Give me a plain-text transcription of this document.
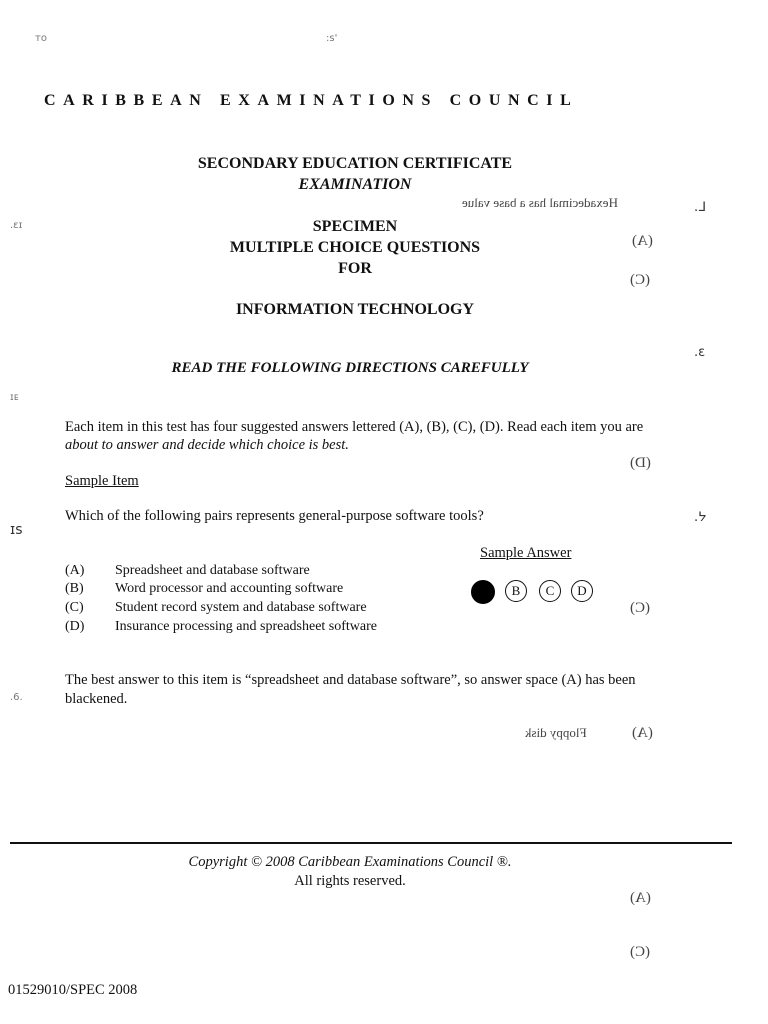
ᴛᴏ	:ꜱ'
.ɛɪ
ɪᴇ
ɪꜱ
.6.
.ᒧ
.ɛ
.ᔭ
Hexadecimal has a base value
Floppy disk
(A)
(C)
(D)
(C)
(A)
(A)
(C)
CARIBBEAN EXAMINATIONS COUNCIL
SECONDARY EDUCATION CERTIFICATE
EXAMINATION
SPECIMEN
MULTIPLE CHOICE QUESTIONS
FOR
INFORMATION TECHNOLOGY
READ THE FOLLOWING DIRECTIONS CAREFULLY
Each item in this test has four suggested answers lettered (A), (B), (C), (D). Read each item you are
about to answer and decide which choice is best.
Sample Item
Which of the following pairs represents general-purpose software tools?
Sample Answer
(A) Spreadsheet and database software
(B) Word processor and accounting software
(C) Student record system and database software
(D) Insurance processing and spreadsheet software
B	C	D
The best answer to this item is “spreadsheet and database software”, so answer space (A) has been
blackened.
Copyright © 2008 Caribbean Examinations Council ®.
All rights reserved.
01529010/SPEC 2008
